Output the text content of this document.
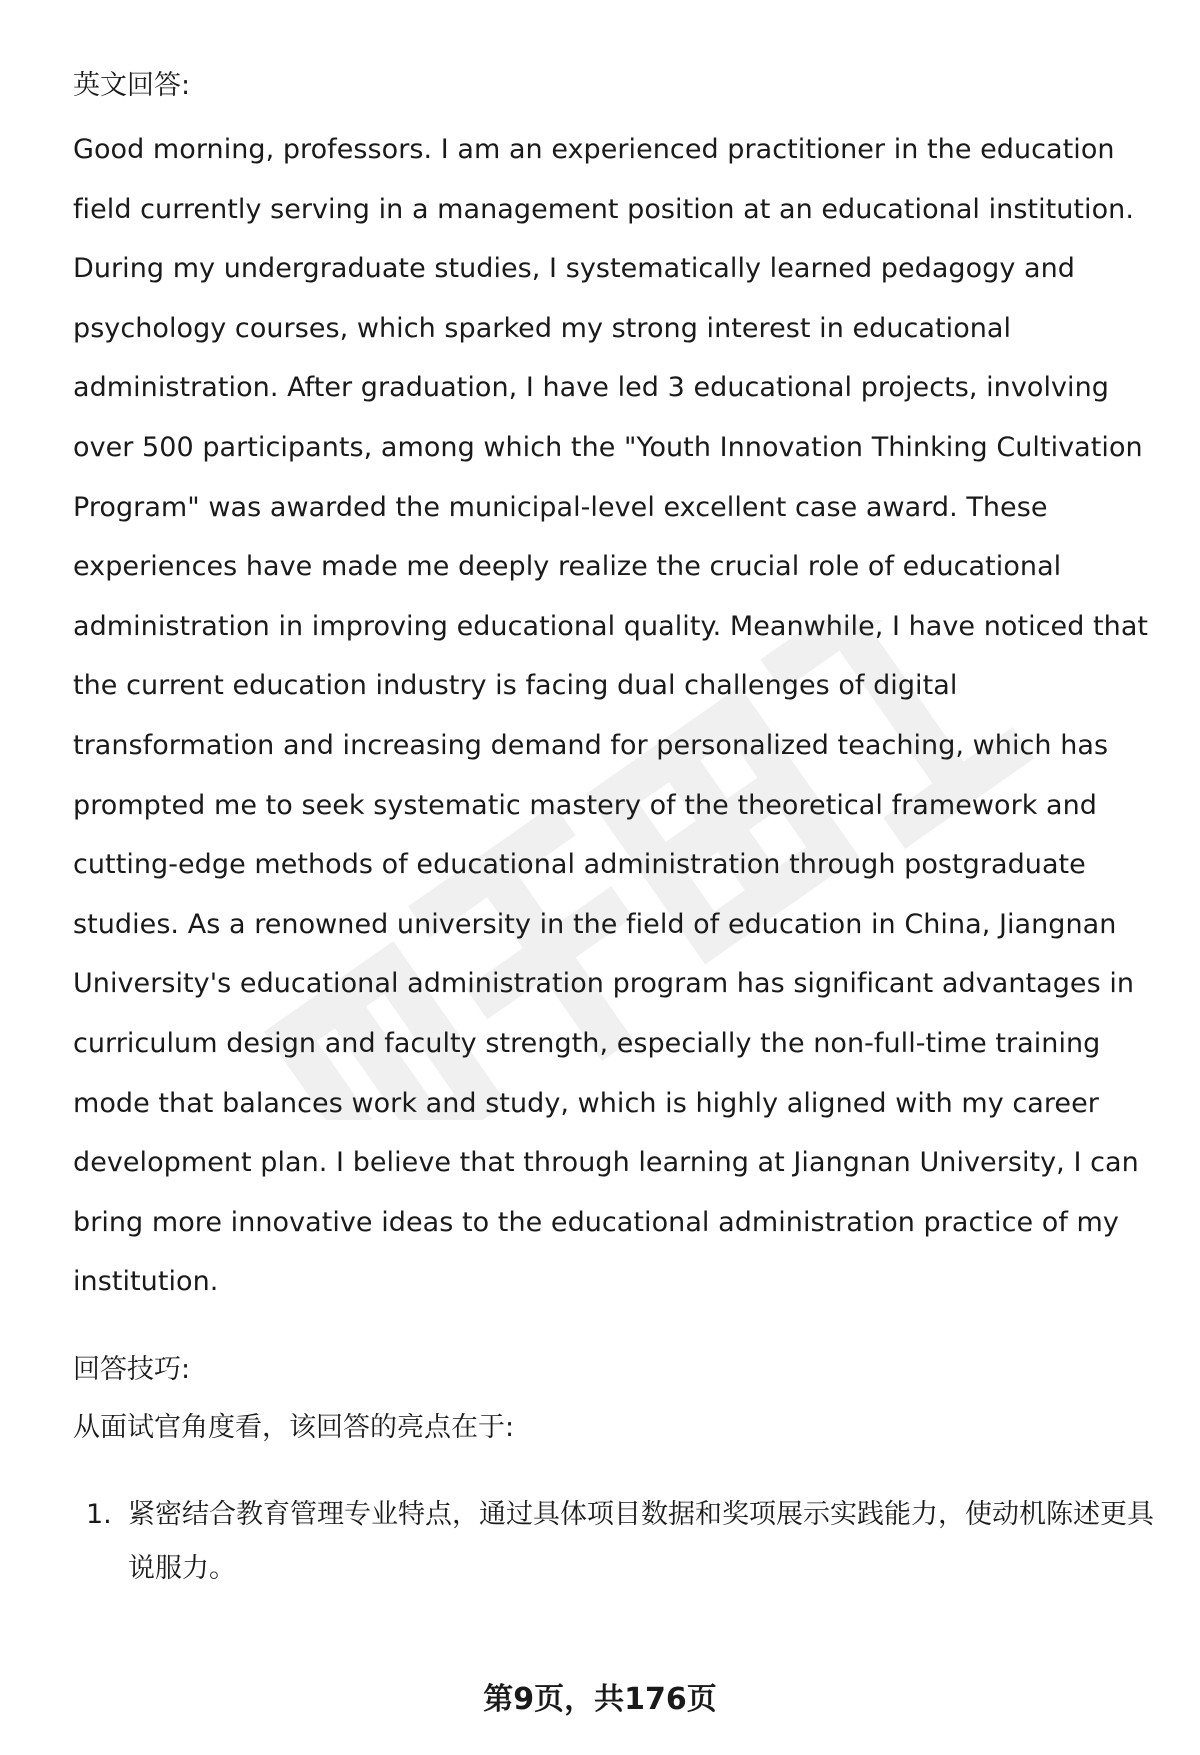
英文回答:

Good morning, professors. I am an experienced practitioner in the education field currently serving in a management position at an educational institution. During my undergraduate studies, I systematically learned pedagogy and psychology courses, which sparked my strong interest in educational administration. After graduation, I have led 3 educational projects, involving over 500 participants, among which the "Youth Innovation Thinking Cultivation Program" was awarded the municipal-level excellent case award. These experiences have made me deeply realize the crucial role of educational administration in improving educational quality. Meanwhile, I have noticed that the current education industry is facing dual challenges of digital transformation and increasing demand for personalized teaching, which has prompted me to seek systematic mastery of the theoretical framework and cutting-edge methods of educational administration through postgraduate studies. As a renowned university in the field of education in China, Jiangnan University's educational administration program has significant advantages in curriculum design and faculty strength, especially the non-full-time training mode that balances work and study, which is highly aligned with my career development plan. I believe that through learning at Jiangnan University, I can bring more innovative ideas to the educational administration practice of my institution.

回答技巧:
从面试官角度看，该回答的亮点在于:
1. 紧密结合教育管理专业特点，通过具体项目数据和奖项展示实践能力，使动机陈述更具说服力。
第9页，共176页
